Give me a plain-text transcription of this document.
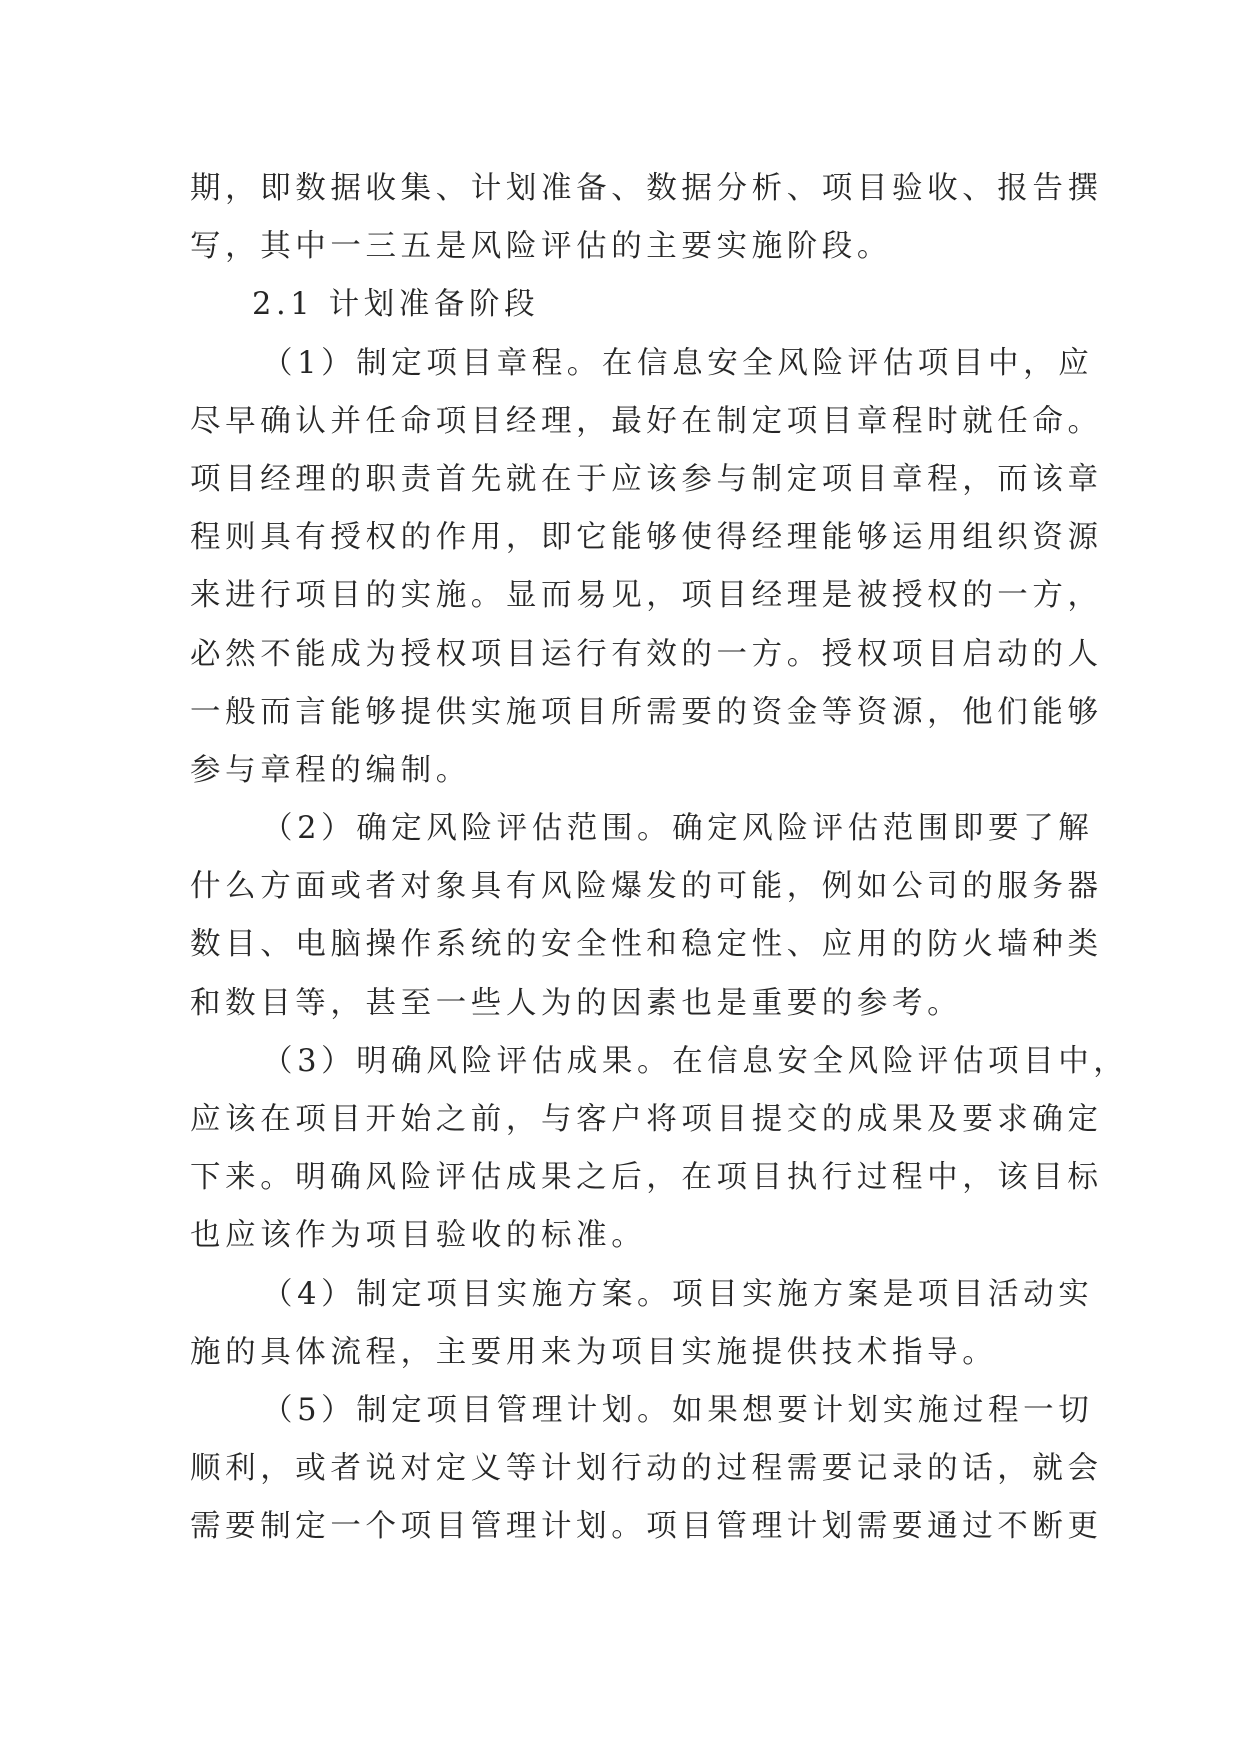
期，即数据收集、计划准备、数据分析、项目验收、报告撰
写，其中一三五是风险评估的主要实施阶段。
2.1 计划准备阶段
（1）制定项目章程。在信息安全风险评估项目中，应
尽早确认并任命项目经理，最好在制定项目章程时就任命。
项目经理的职责首先就在于应该参与制定项目章程，而该章
程则具有授权的作用，即它能够使得经理能够运用组织资源
来进行项目的实施。显而易见，项目经理是被授权的一方，
必然不能成为授权项目运行有效的一方。授权项目启动的人
一般而言能够提供实施项目所需要的资金等资源，他们能够
参与章程的编制。
（2）确定风险评估范围。确定风险评估范围即要了解
什么方面或者对象具有风险爆发的可能，例如公司的服务器
数目、电脑操作系统的安全性和稳定性、应用的防火墙种类
和数目等，甚至一些人为的因素也是重要的参考。
（3）明确风险评估成果。在信息安全风险评估项目中，
应该在项目开始之前，与客户将项目提交的成果及要求确定
下来。明确风险评估成果之后，在项目执行过程中，该目标
也应该作为项目验收的标准。
（4）制定项目实施方案。项目实施方案是项目活动实
施的具体流程，主要用来为项目实施提供技术指导。
（5）制定项目管理计划。如果想要计划实施过程一切
顺利，或者说对定义等计划行动的过程需要记录的话，就会
需要制定一个项目管理计划。项目管理计划需要通过不断更
